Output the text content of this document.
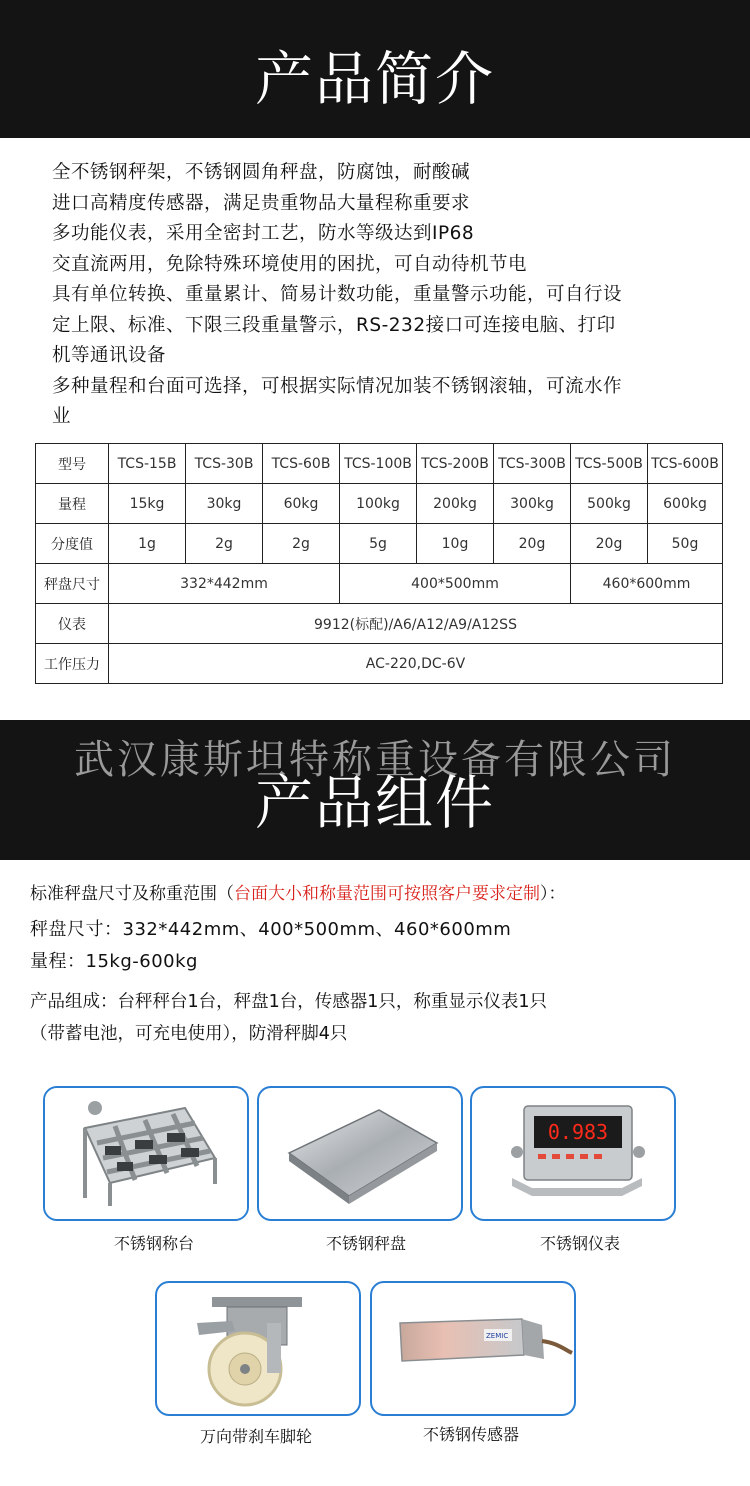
产品简介
全不锈钢秤架，不锈钢圆角秤盘，防腐蚀，耐酸碱
进口高精度传感器，满足贵重物品大量程称重要求
多功能仪表，采用全密封工艺，防水等级达到IP68
交直流两用，免除特殊环境使用的困扰，可自动待机节电
具有单位转换、重量累计、简易计数功能，重量警示功能，可自行设
定上限、标准、下限三段重量警示，RS-232接口可连接电脑、打印
机等通讯设备
多种量程和台面可选择，可根据实际情况加装不锈钢滚轴，可流水作
业
型号	TCS-15B	TCS-30B	TCS-60B	TCS-100B	TCS-200B	TCS-300B	TCS-500B	TCS-600B
量程	15kg	30kg	60kg	100kg	200kg	300kg	500kg	600kg
分度值	1g	2g	2g	5g	10g	20g	20g	50g
秤盘尺寸	332*442mm			400*500mm			460*600mm	
仪表	9912(标配)/A6/A12/A9/A12SS							
工作压力	AC-220,DC-6V							
武汉康斯坦特称重设备有限公司
产品组件

标准秤盘尺寸及称重范围（台面大小和称量范围可按照客户要求定制）：

秤盘尺寸：332*442mm、400*500mm、460*600mm

量程：15kg-600kg

产品组成：台秤秤台1台，秤盘1台，传感器1只，称重显示仪表1只

（带蓄电池，可充电使用），防滑秤脚4只

不锈钢称台	不锈钢秤盘
0.983
不锈钢仪表
万向带刹车脚轮
ZEMIC
不锈钢传感器
